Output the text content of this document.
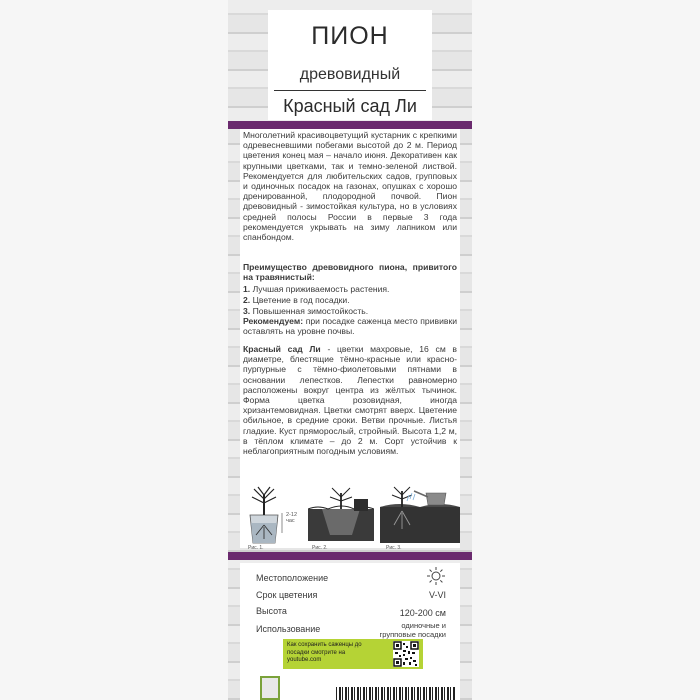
ПИОН
древовидный
Красный сад Ли

Многолетний красивоцветущий кустарник с крепкими одревесневшими побегами высотой до 2 м. Период цветения конец мая – начало июня. Декоративен как крупными цветками, так и темно-зеленой листвой. Рекомендуется для любительских садов, групповых и одиночных посадок на газонах, опушках с хорошо дренированной, плодородной почвой. Пион древовидный - зимостойкая культура, но в условиях средней полосы России в первые 3 года рекомендуется укрывать на зиму лапником или спанбондом.

Преимущество древовидного пиона, привитого на травянистый:

1. Лучшая приживаемость растения.

2. Цветение в год посадки.

3. Повышенная зимостойкость.

Рекомендуем: при посадке саженца место прививки оставлять на уровне почвы.

Красный сад Ли - цветки махровые, 16 см в диаметре, блестящие тёмно-красные или красно-пурпурные с тёмно-фиолетовыми пятнами в основании лепестков. Лепестки равномерно расположены вокруг центра из жёлтых тычинок. Форма цветка розовидная, иногда хризантемовидная. Цветки смотрят вверх. Цветение обильное, в средние сроки. Ветви прочные. Листья гладкие. Куст пряморослый, стройный. Высота 1,2 м, в тёплом климате – до 2 м. Сорт устойчив к неблагоприятным погодным условиям.

2-12 час
Рис. 1.	Рис. 2.	Рис. 3.
Местоположение
Срок цветения	V-VI
Высота	120-200 см
Использование	одиночные и групповые посадки
Как сохранить саженцы до посадки смотрите на youtube.com
